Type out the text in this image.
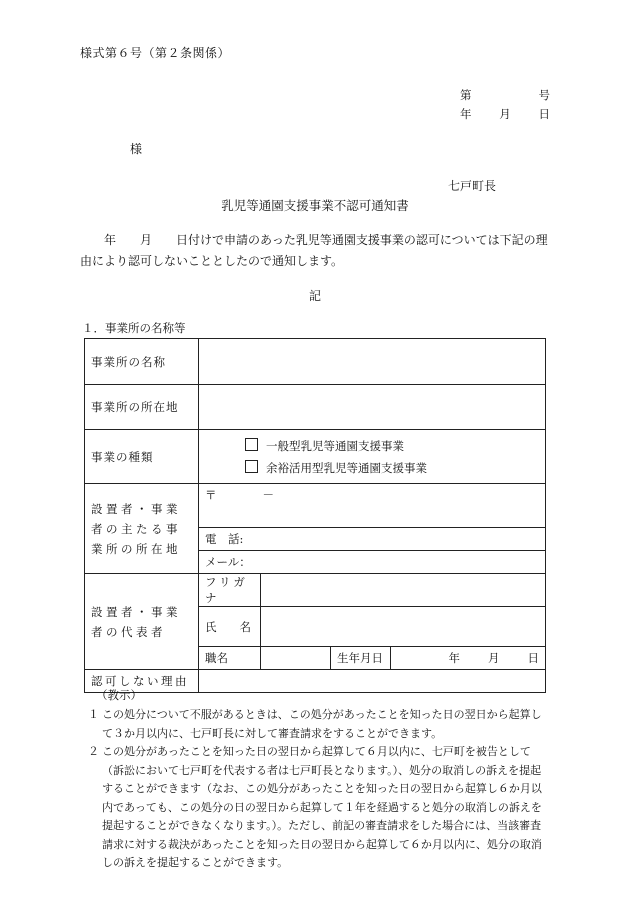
様式第６号（第２条関係）
第	号
年 月 日
様
七戸町長
乳児等通園支援事業不認可通知書
　　年　　月　　日付けで申請のあった乳児等通園支援事業の認可については下記の理由により認可しないこととしたので通知します。
記
１．事業所の名称等
事業所の名称				
事業所の所在地				
事業の種類	一般型乳児等通園支援事業
余裕活用型乳児等通園支援事業			

設置者・事業者の主たる事業所の所在地	〒　　　　－			
	電　話:			
	メール：			
設置者・事業者の代表者	フリガナ			
	氏　　名			
	職名		生年月日	年 月 日

認可しない理由				
（教示）
１ この処分について不服があるときは、この処分があったことを知った日の翌日から起算して３か月以内に、七戸町長に対して審査請求をすることができます。
２ この処分があったことを知った日の翌日から起算して６月以内に、七戸町を被告として（訴訟において七戸町を代表する者は七戸町長となります。）、処分の取消しの訴えを提起することができます（なお、この処分があったことを知った日の翌日から起算し６か月以内であっても、この処分の日の翌日から起算して１年を経過すると処分の取消しの訴えを提起することができなくなります。）。ただし、前記の審査請求をした場合には、当該審査請求に対する裁決があったことを知った日の翌日から起算して６か月以内に、処分の取消しの訴えを提起することができます。
